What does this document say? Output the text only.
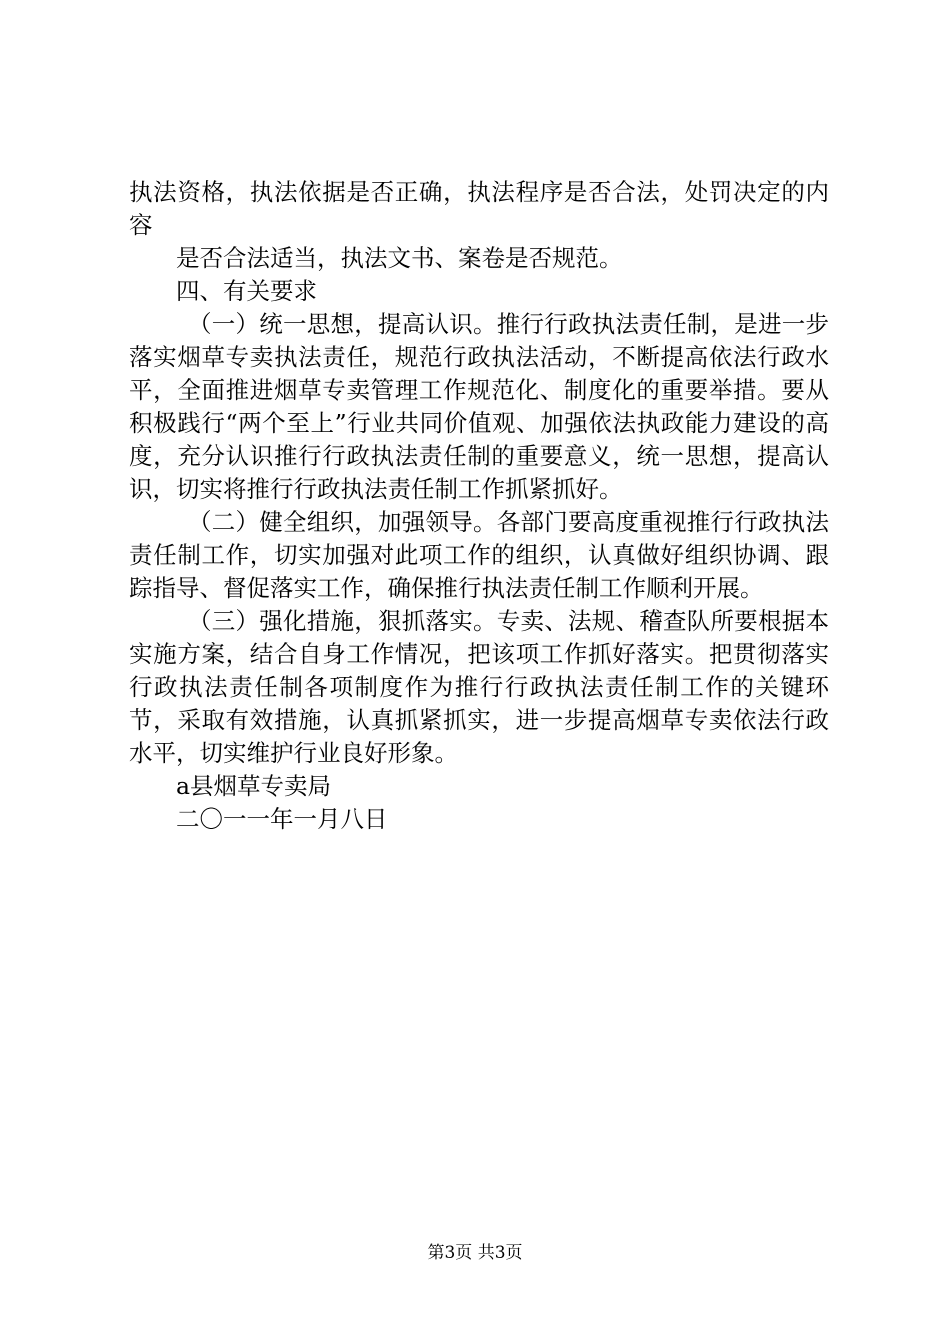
执法资格，执法依据是否正确，执法程序是否合法，处罚决定的内容

是否合法适当，执法文书、案卷是否规范。

四、有关要求

（一）统一思想，提高认识。推行行政执法责任制，是进一步落实烟草专卖执法责任，规范行政执法活动，不断提高依法行政水平，全面推进烟草专卖管理工作规范化、制度化的重要举措。要从积极践行“两个至上”行业共同价值观、加强依法执政能力建设的高度，充分认识推行行政执法责任制的重要意义，统一思想，提高认识，切实将推行行政执法责任制工作抓紧抓好。

（二）健全组织，加强领导。各部门要高度重视推行行政执法责任制工作，切实加强对此项工作的组织，认真做好组织协调、跟踪指导、督促落实工作，确保推行执法责任制工作顺利开展。

（三）强化措施，狠抓落实。专卖、法规、稽查队所要根据本实施方案，结合自身工作情况，把该项工作抓好落实。把贯彻落实行政执法责任制各项制度作为推行行政执法责任制工作的关键环节，采取有效措施，认真抓紧抓实，进一步提高烟草专卖依法行政水平，切实维护行业良好形象。

a县烟草专卖局

二〇一一年一月八日

第3页 共3页
